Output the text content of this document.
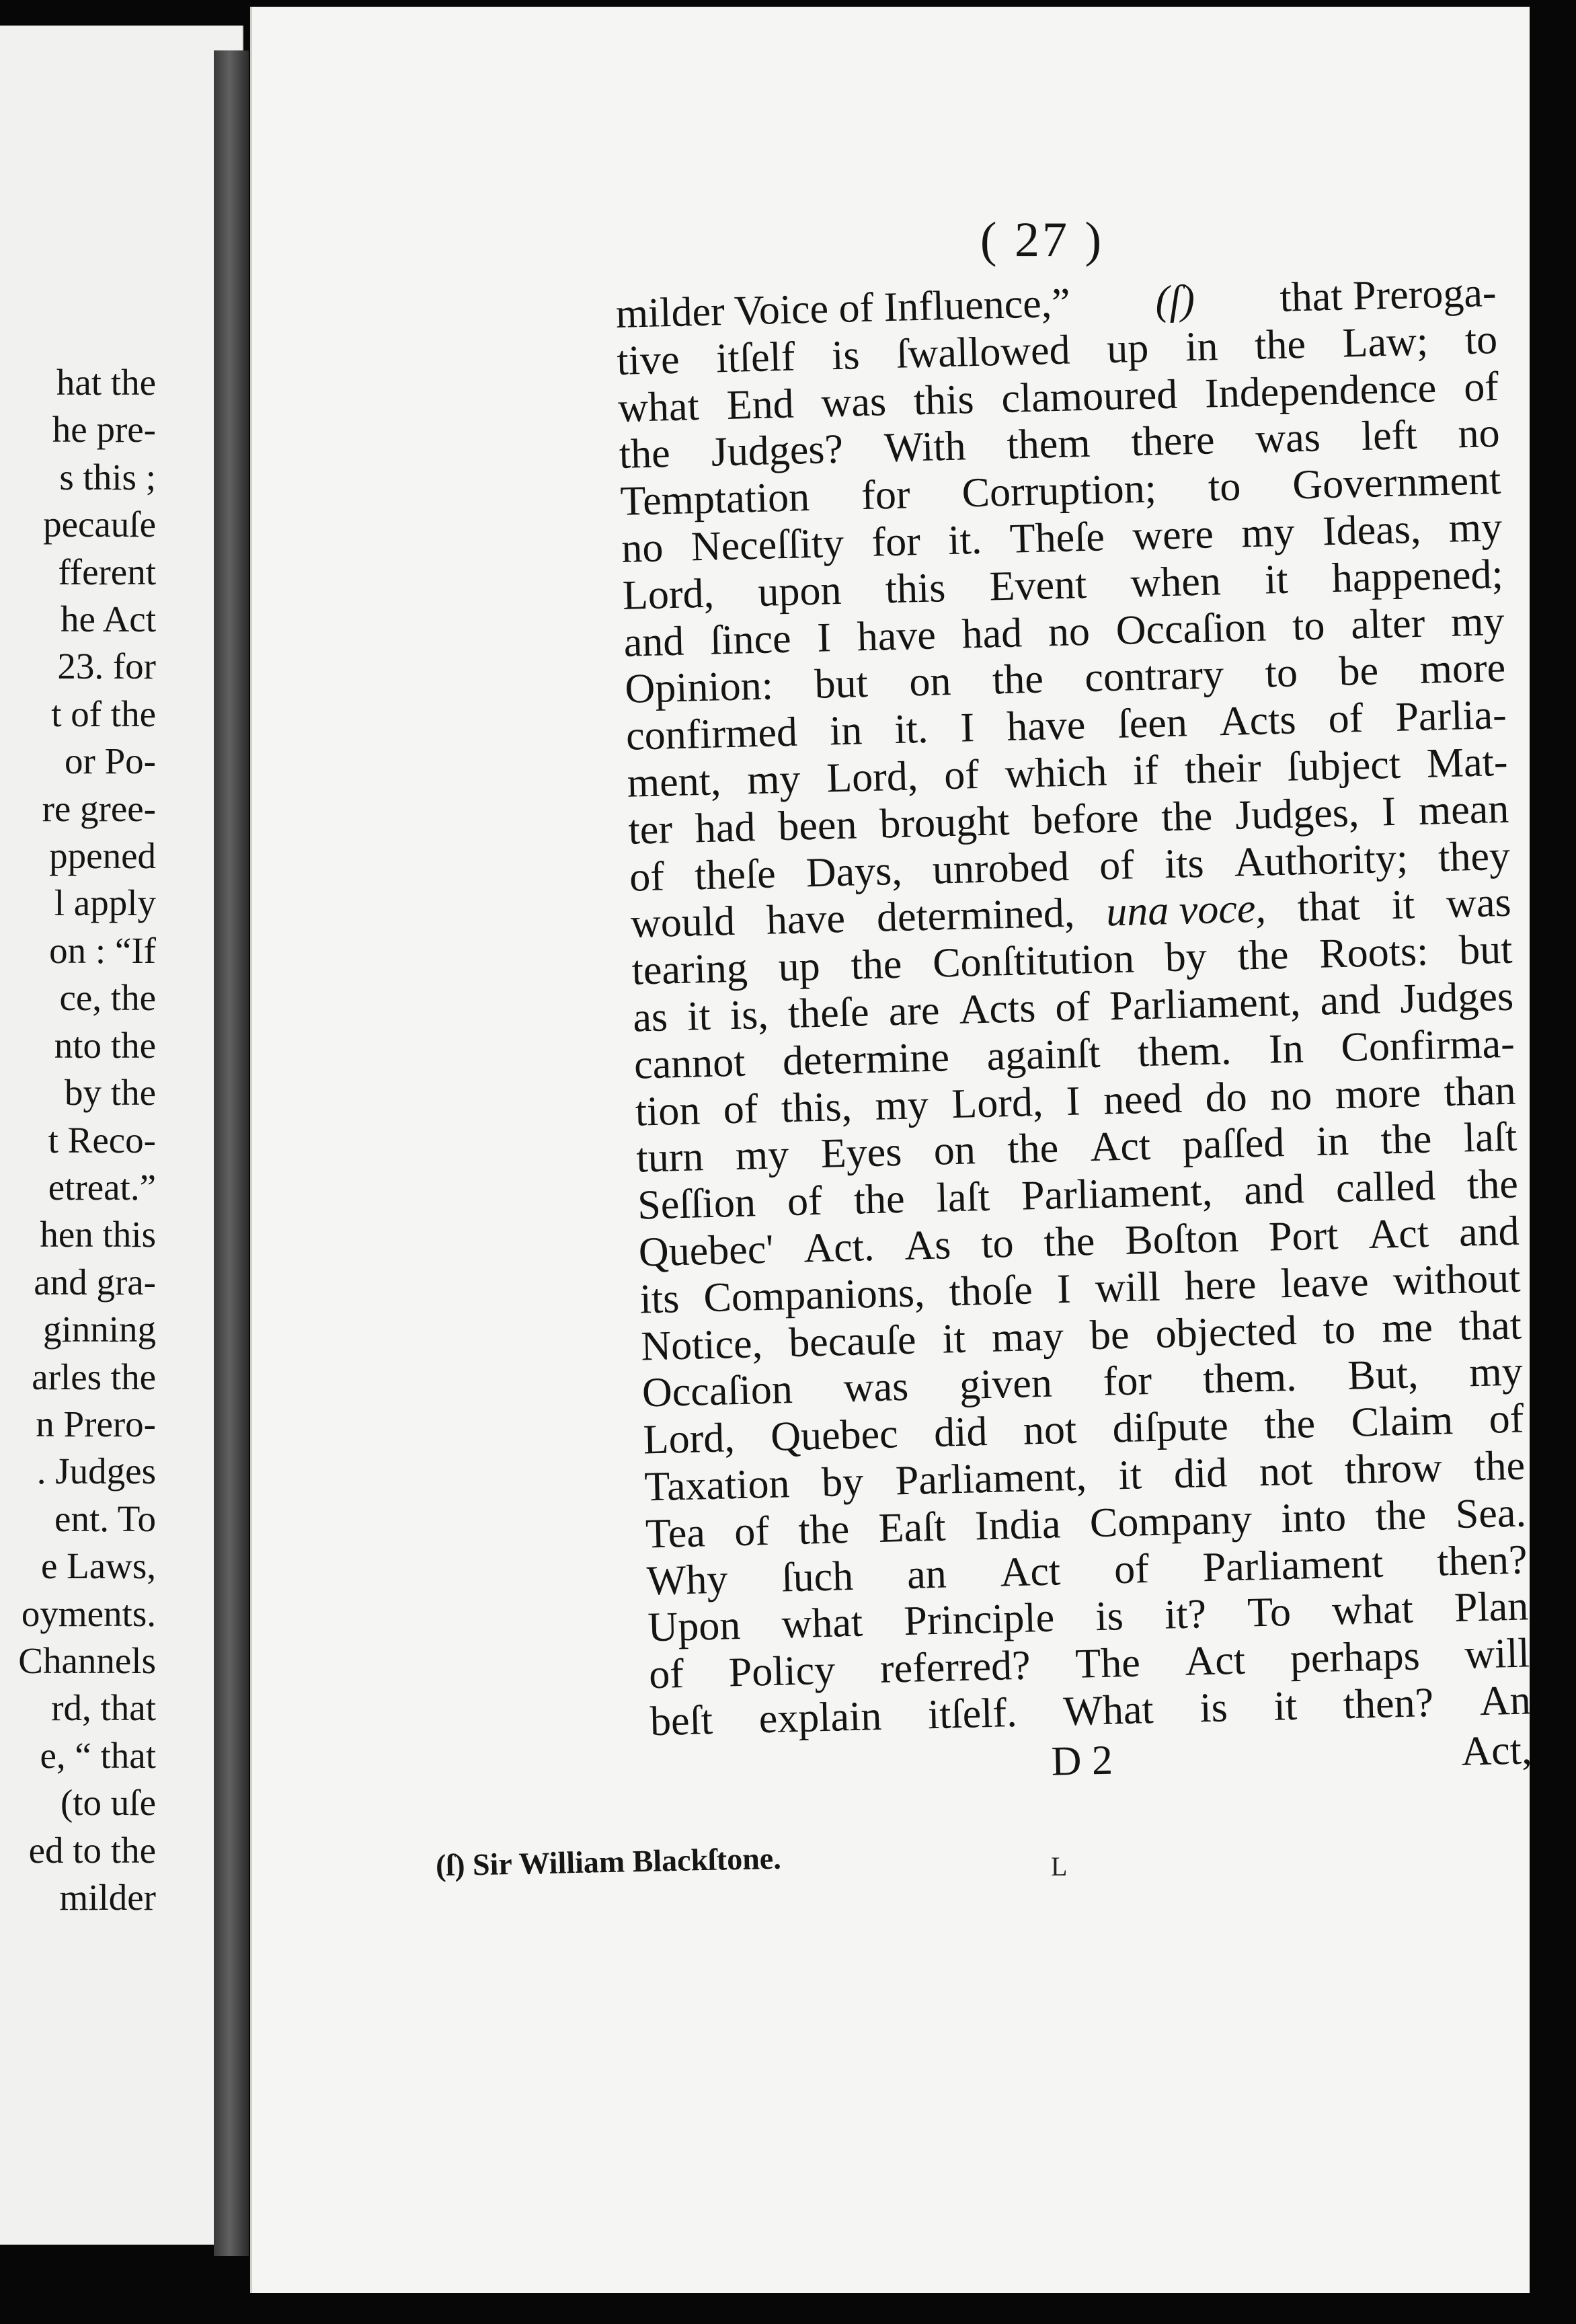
hat the
he pre-
s this ;
pecauſe
fferent
he Act
23. for
t of the
or Po-
re gree-
ppened
l apply
on : “If
ce, the
nto the
by the
t Reco-
etreat.”
hen this
and gra-
ginning
arles the
n Prero-
. Judges
ent. To
e Laws,
oyments.
Channels
rd, that
e, “ that
(to uſe
ed to the
milder
( 27 )
milder Voice of Influence,” (ſ) that Preroga-
tive itſelf is ſwallowed up in the Law; to
what End was this clamoured Independence of
the Judges? With them there was left no
Temptation for Corruption; to Government
no Neceſſity for it. Theſe were my Ideas, my
Lord, upon this Event when it happened;
and ſince I have had no Occaſion to alter my
Opinion: but on the contrary to be more
confirmed in it. I have ſeen Acts of Parlia-
ment, my Lord, of which if their ſubject Mat-
ter had been brought before the Judges, I mean
of theſe Days, unrobed of its Authority; they
would have determined, una voce, that it was
tearing up the Conſtitution by the Roots: but
as it is, theſe are Acts of Parliament, and Judges
cannot determine againſt them. In Confirma-
tion of this, my Lord, I need do no more than
turn my Eyes on the Act paſſed in the laſt
Seſſion of the laſt Parliament, and called the
Quebec' Act. As to the Boſton Port Act and
its Companions, thoſe I will here leave without
Notice, becauſe it may be objected to me that
Occaſion was given for them. But, my
Lord, Quebec did not diſpute the Claim of
Taxation by Parliament, it did not throw the
Tea of the Eaſt India Company into the Sea.
Why ſuch an Act of Parliament then?
Upon what Principle is it? To what Plan
of Policy referred? The Act perhaps will
beſt explain itſelf. What is it then? An
D 2	Act,
(ſ) Sir William Blackſtone.	L
